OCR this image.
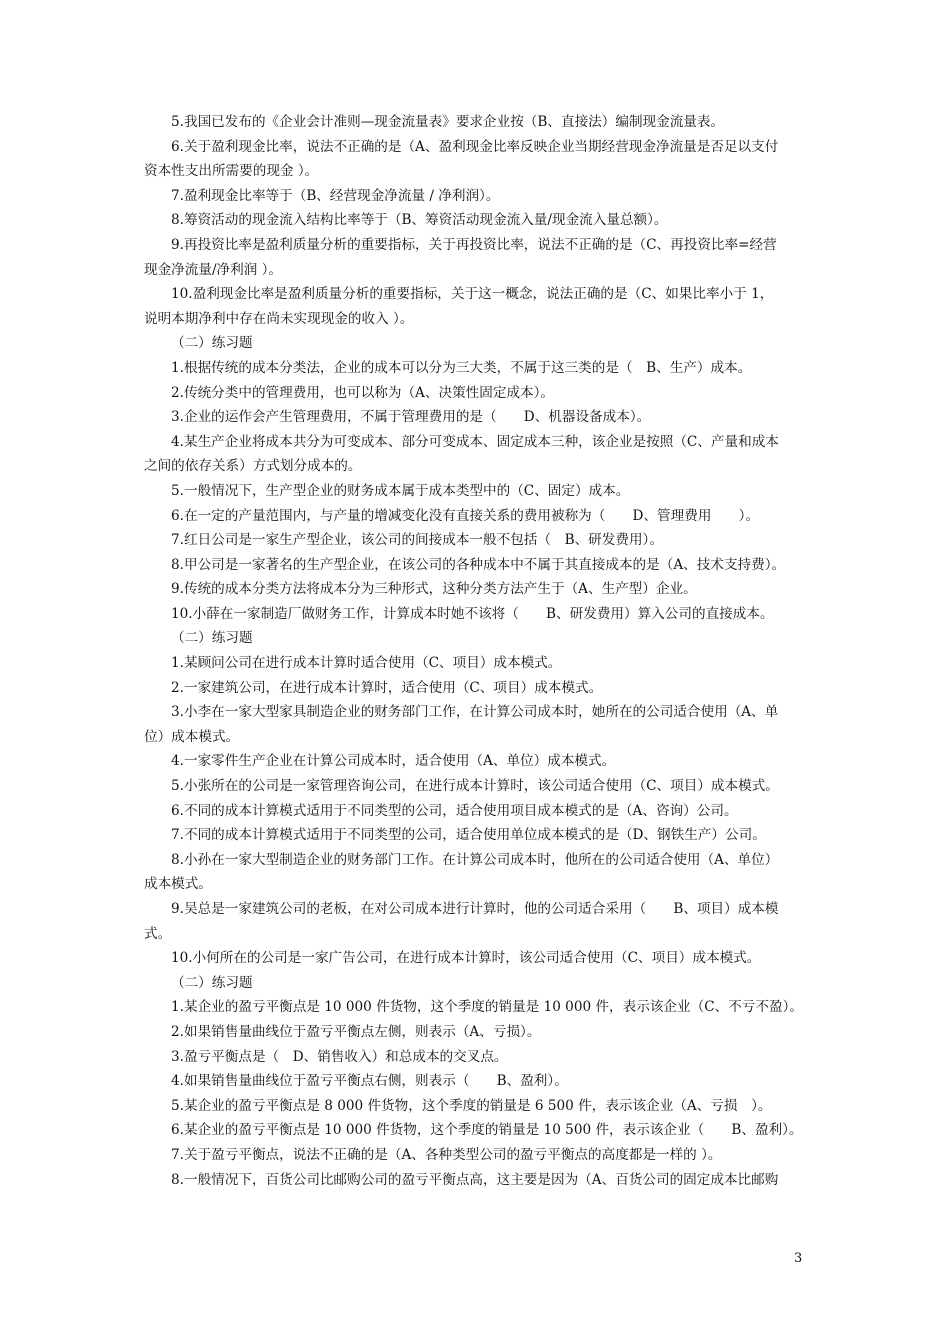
5.我国已发布的《企业会计准则—现金流量表》要求企业按（B、直接法）编制现金流量表。

6.关于盈利现金比率，说法不正确的是（A、盈利现金比率反映企业当期经营现金净流量是否足以支付

资本性支出所需要的现金 ）。

7.盈利现金比率等于（B、经营现金净流量 / 净利润）。

8.筹资活动的现金流入结构比率等于（B、筹资活动现金流入量/现金流入量总额）。

9.再投资比率是盈利质量分析的重要指标，关于再投资比率，说法不正确的是（C、再投资比率=经营

现金净流量/净利润 ）。

10.盈利现金比率是盈利质量分析的重要指标，关于这一概念，说法正确的是（C、如果比率小于 1，

说明本期净利中存在尚未实现现金的收入 ）。

（二）练习题

1.根据传统的成本分类法，企业的成本可以分为三大类，不属于这三类的是（　B、生产）成本。

2.传统分类中的管理费用，也可以称为（A、决策性固定成本）。

3.企业的运作会产生管理费用，不属于管理费用的是（　　D、机器设备成本）。

4.某生产企业将成本共分为可变成本、部分可变成本、固定成本三种，该企业是按照（C、产量和成本

之间的依存关系）方式划分成本的。

5.一般情况下，生产型企业的财务成本属于成本类型中的（C、固定）成本。

6.在一定的产量范围内，与产量的增减变化没有直接关系的费用被称为（　　D、管理费用　　）。

7.红日公司是一家生产型企业，该公司的间接成本一般不包括（　B、研发费用）。

8.甲公司是一家著名的生产型企业，在该公司的各种成本中不属于其直接成本的是（A、技术支持费）。

9.传统的成本分类方法将成本分为三种形式，这种分类方法产生于（A、生产型）企业。

10.小薛在一家制造厂做财务工作，计算成本时她不该将（　　B、研发费用）算入公司的直接成本。

（二）练习题

1.某顾问公司在进行成本计算时适合使用（C、项目）成本模式。

2.一家建筑公司，在进行成本计算时，适合使用（C、项目）成本模式。

3.小李在一家大型家具制造企业的财务部门工作，在计算公司成本时，她所在的公司适合使用（A、单

位）成本模式。

4.一家零件生产企业在计算公司成本时，适合使用（A、单位）成本模式。

5.小张所在的公司是一家管理咨询公司，在进行成本计算时，该公司适合使用（C、项目）成本模式。

6.不同的成本计算模式适用于不同类型的公司，适合使用项目成本模式的是（A、咨询）公司。

7.不同的成本计算模式适用于不同类型的公司，适合使用单位成本模式的是（D、钢铁生产）公司。

8.小孙在一家大型制造企业的财务部门工作。在计算公司成本时，他所在的公司适合使用（A、单位）

成本模式。

9.吴总是一家建筑公司的老板，在对公司成本进行计算时，他的公司适合采用（　　B、项目）成本模

式。

10.小何所在的公司是一家广告公司，在进行成本计算时，该公司适合使用（C、项目）成本模式。

（二）练习题

1.某企业的盈亏平衡点是 10 000 件货物，这个季度的销量是 10 000 件，表示该企业（C、不亏不盈）。

2.如果销售量曲线位于盈亏平衡点左侧，则表示（A、亏损）。

3.盈亏平衡点是（　D、销售收入）和总成本的交叉点。

4.如果销售量曲线位于盈亏平衡点右侧，则表示（　　B、盈利）。

5.某企业的盈亏平衡点是 8 000 件货物，这个季度的销量是 6 500 件，表示该企业（A、亏损　）。

6.某企业的盈亏平衡点是 10 000 件货物，这个季度的销量是 10 500 件，表示该企业（　　B、盈利）。

7.关于盈亏平衡点，说法不正确的是（A、各种类型公司的盈亏平衡点的高度都是一样的 ）。

8.一般情况下，百货公司比邮购公司的盈亏平衡点高，这主要是因为（A、百货公司的固定成本比邮购

3
